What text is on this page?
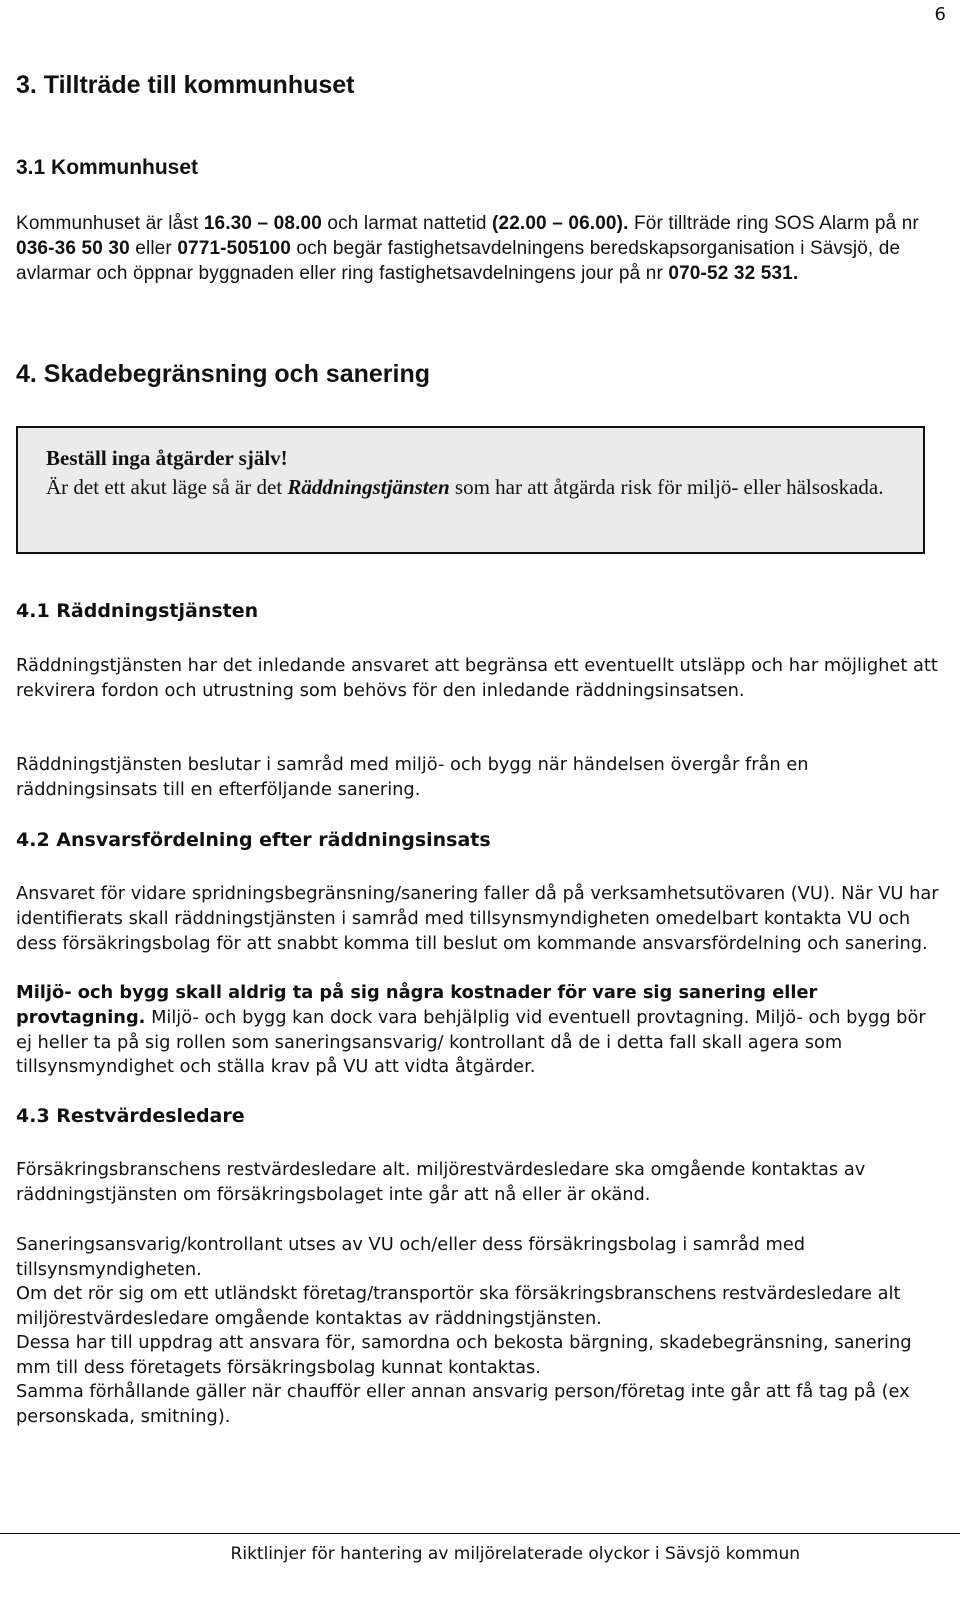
6
3. Tillträde till kommunhuset
3.1 Kommunhuset

Kommunhuset är låst 16.30 – 08.00 och larmat nattetid (22.00 – 06.00). För tillträde ring SOS Alarm på nr 036-36 50 30 eller 0771-505100 och begär fastighetsavdelningens beredskapsorganisation i Sävsjö, de avlarmar och öppnar byggnaden eller ring fastighetsavdelningens jour på nr 070-52 32 531.

4. Skadebegränsning och sanering
Beställ inga åtgärder själv!
Är det ett akut läge så är det Räddningstjänsten som har att åtgärda risk för miljö- eller hälsoskada.
4.1 Räddningstjänsten

Räddningstjänsten har det inledande ansvaret att begränsa ett eventuellt utsläpp och har möjlighet att rekvirera fordon och utrustning som behövs för den inledande räddningsinsatsen.

Räddningstjänsten beslutar i samråd med miljö- och bygg när händelsen övergår från en räddningsinsats till en efterföljande sanering.

4.2 Ansvarsfördelning efter räddningsinsats

Ansvaret för vidare spridningsbegränsning/sanering faller då på verksamhetsutövaren (VU). När VU har identifierats skall räddningstjänsten i samråd med tillsynsmyndigheten omedelbart kontakta VU och dess försäkringsbolag för att snabbt komma till beslut om kommande ansvarsfördelning och sanering.

Miljö- och bygg skall aldrig ta på sig några kostnader för vare sig sanering eller provtagning. Miljö- och bygg kan dock vara behjälplig vid eventuell provtagning. Miljö- och bygg bör ej heller ta på sig rollen som saneringsansvarig/ kontrollant då de i detta fall skall agera som tillsynsmyndighet och ställa krav på VU att vidta åtgärder.

4.3 Restvärdesledare

Försäkringsbranschens restvärdesledare alt. miljörestvärdesledare ska omgående kontaktas av räddningstjänsten om försäkringsbolaget inte går att nå eller är okänd.

Saneringsansvarig/kontrollant utses av VU och/eller dess försäkringsbolag i samråd med tillsynsmyndigheten.

Om det rör sig om ett utländskt företag/transportör ska försäkringsbranschens restvärdesledare alt miljörestvärdesledare omgående kontaktas av räddningstjänsten.

Dessa har till uppdrag att ansvara för, samordna och bekosta bärgning, skadebegränsning, sanering mm till dess företagets försäkringsbolag kunnat kontaktas.

Samma förhållande gäller när chaufför eller annan ansvarig person/företag inte går att få tag på (ex personskada, smitning).

Riktlinjer för hantering av miljörelaterade olyckor i Sävsjö kommun
